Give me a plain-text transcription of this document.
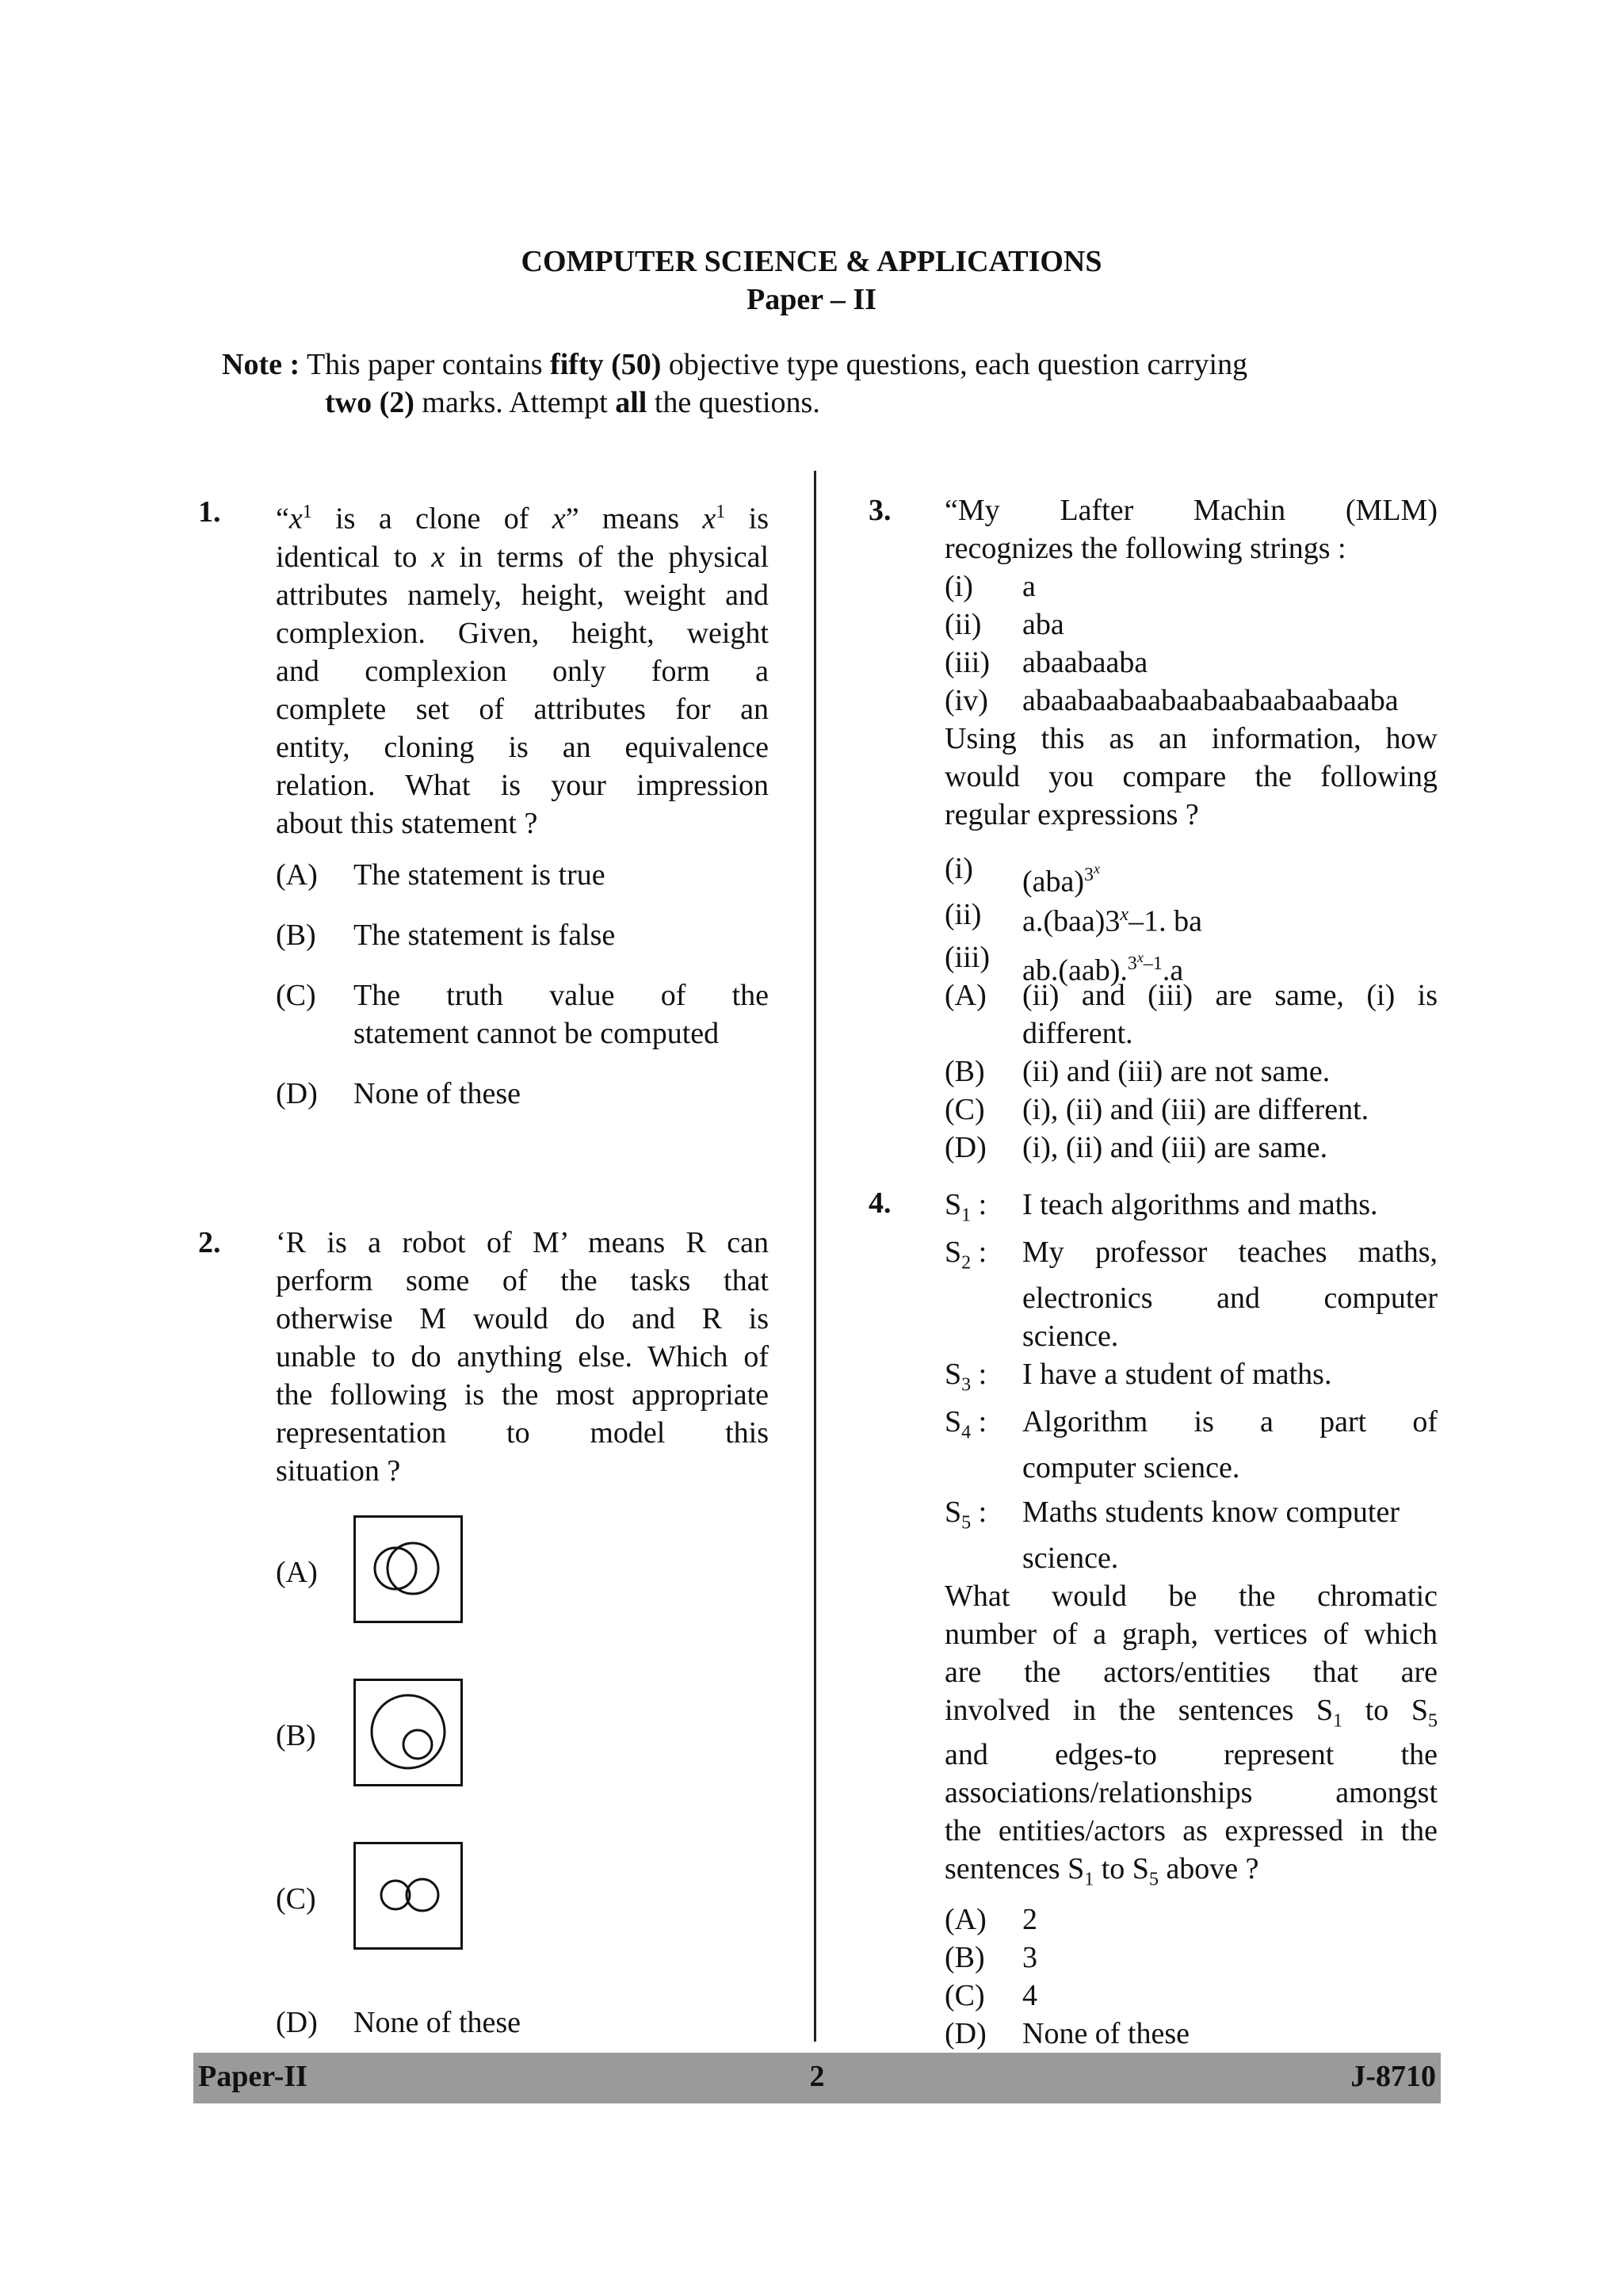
COMPUTER SCIENCE & APPLICATIONS
Paper – II
Note : This paper contains fifty (50) objective type questions, each question carrying
two (2) marks. Attempt all the questions.
1. “$x^1$ is a clone of x” means $x^1$ is
identical to x in terms of the physical
attributes namely, height, weight and
complexion. Given, height, weight
and complexion only form a
complete set of attributes for an
entity, cloning is an equivalence
relation. What is your impression
about this statement ?
(A) The statement is true
(B) The statement is false
(C) The truth value of the
statement cannot be computed
(D) None of these
2. ‘R is a robot of M’ means R can
perform some of the tasks that
otherwise M would do and R is
unable to do anything else. Which of
the following is the most appropriate
representation to model this
situation ?
(A)
(B)
(C)
(D) None of these
3. “My Lafter Machin (MLM)
recognizes the following strings :
(i) a
(ii) aba
(iii) abaabaaba
(iv) abaabaabaabaabaabaabaabaaba
Using this as an information, how
would you compare the following
regular expressions ?
(i) (aba)$^{3^x}$
(ii) a.(baa)3$^x$–1. ba
(iii) ab.(aab).$^{3^x-1}$.a
(A) (ii) and (iii) are same, (i) is
different.
(B) (ii) and (iii) are not same.
(C) (i), (ii) and (iii) are different.
(D) (i), (ii) and (iii) are same.
4. $S_1$ : I teach algorithms and maths.
$S_2$ : My professor teaches maths,
electronics and computer
science.
$S_3$ : I have a student of maths.
$S_4$ : Algorithm is a part of
computer science.
$S_5$ : Maths students know computer
science.
What would be the chromatic
number of a graph, vertices of which
are the actors/entities that are
involved in the sentences $S_1$ to $S_5$
and edges-to represent the
associations/relationships amongst
the entities/actors as expressed in the
sentences $S_1$ to $S_5$ above ?
(A) 2
(B) 3
(C) 4
(D) None of these
Paper-II	2	J-8710
